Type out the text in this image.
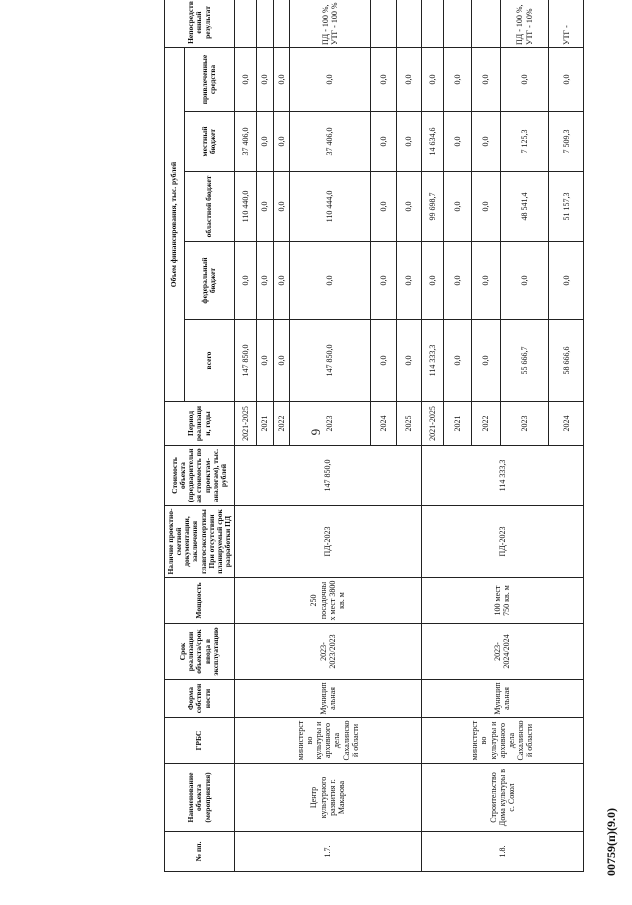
6
00759(п)(9.0)
№ пп.	Наименование объекта (мероприятия)	ГРБС	Форма собственности	Срок реализации объекта/срок ввода в эксплуатацию	Мощность	Наличие проектно-сметной документации, заключения главгосэкспертизы При отсутствии планируемый срок разработки ПД	Стоимость объекта (предварительная стоимость по проектам-аналогам), тыс. рублей	Период реализации, годы	Объем финансирования, тыс. рублей					Непосредственный результат
									всего	федеральный бюджет	областной бюджет	местный бюджет	привлеченные средства	
1.7.	Центр культурного развития г. Макарова	министерство культуры и архивного дела Сахалинской области	Муниципальная	2023-2023/2023	250 посадочных мест 3800 кв. м	ПД-2023	147 850,0	2021-2025	147 850,0	0,0	110 440,0	37 406,0	0,0	
								2021	0,0	0,0	0,0	0,0	0,0	
								2022	0,0	0,0	0,0	0,0	0,0	
								2023	147 850,0	0,0	110 444,0	37 406,0	0,0	ПД - 100 %, УТГ - 100 %
								2024	0,0	0,0	0,0	0,0	0,0	
								2025	0,0	0,0	0,0	0,0	0,0	
1.8.	Строительство Дома культуры в с. Сокол	министерство культуры и архивного дела Сахалинской области	Муниципальная	2023-2024/2024	100 мест 750 кв. м	ПД-2023	114 333,3	2021-2025	114 333,3	0,0	99 698,7	14 634,6	0,0	
								2021	0,0	0,0	0,0	0,0	0,0	
								2022	0,0	0,0	0,0	0,0	0,0	
								2023	55 666,7	0,0	48 541,4	7 125,3	0,0	ПД - 100 %, УТГ - 10%
								2024	58 666,6	0,0	51 157,3	7 509,3	0,0	УТГ -
